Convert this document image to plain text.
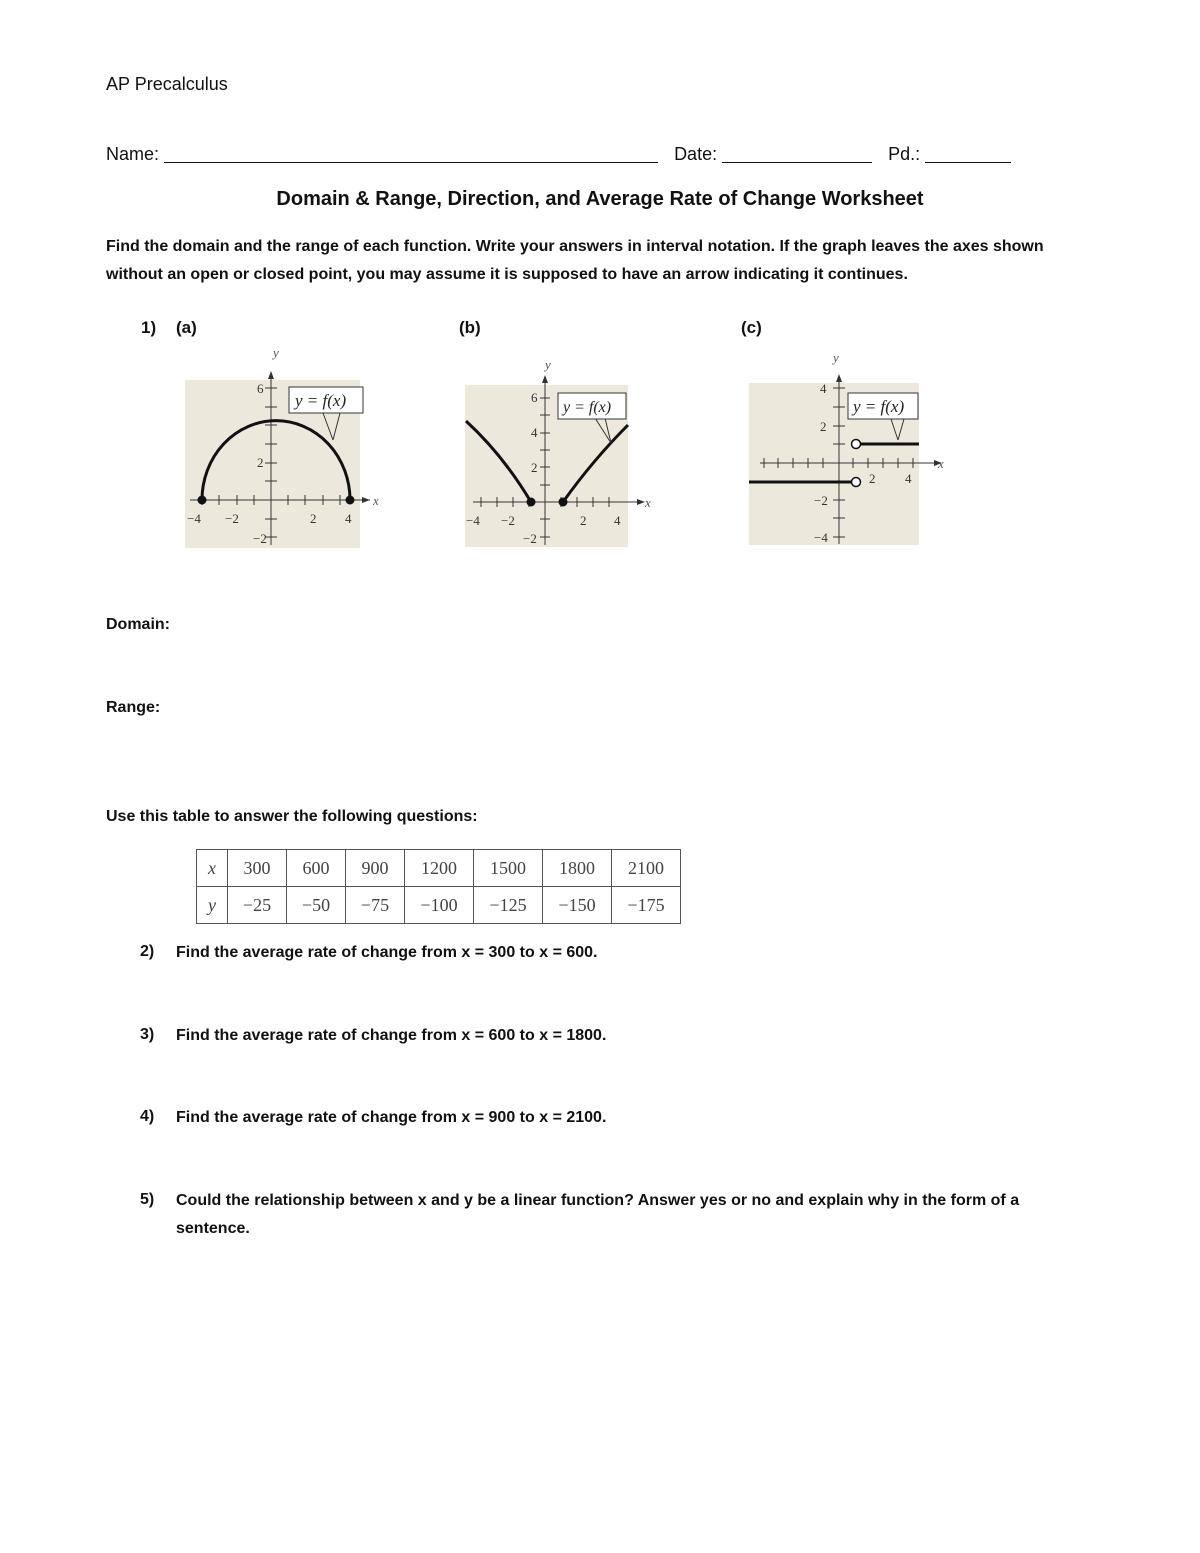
AP Precalculus
Name:	Date:	Pd.:
Domain & Range, Direction, and Average Rate of Change Worksheet
Find the domain and the range of each function. Write your answers in interval notation. If the graph leaves the axes shown without an open or closed point, you may assume it is supposed to have an arrow indicating it continues.
1) (a)	(b)	(c)
y = f(x)
y
x
−4 −2	2 4
6
2
−2
y = f(x)
y
x
−4 −2	2 4
6
4
2
−2
y = f(x)
y
x
2 4
4
2
−2
−4
Domain:
Range:
Use this table to answer the following questions:
x	300	600	900	1200	1500	1800	2100
y	−25	−50	−75	−100	−125	−150	−175
2) Find the average rate of change from x = 300 to x = 600.
3) Find the average rate of change from x = 600 to x = 1800.
4) Find the average rate of change from x = 900 to x = 2100.
5) Could the relationship between x and y be a linear function? Answer yes or no and explain why in the form of a sentence.
